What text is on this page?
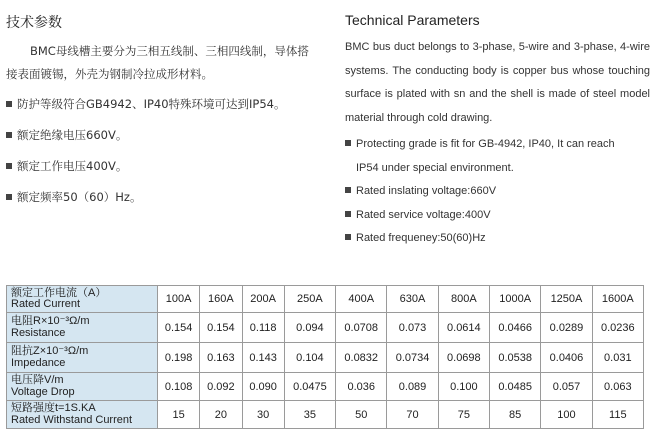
技术参数
BMC母线槽主要分为三相五线制、三相四线制，导体搭接表面镀锡，外壳为钢制冷拉成形材料。
防护等级符合GB4942、IP40特殊环境可达到IP54。
额定绝缘电压660V。
额定工作电压400V。
额定频率50（60）Hz。
Technical Parameters
BMC bus duct belongs to 3-phase, 5-wire and 3-phase, 4-wire systems. The conducting body is copper bus whose touching surface is plated with sn and the shell is made of steel model material through cold drawing.
Protecting grade is fit for GB-4942, IP40, It can reach
IP54 under special environment.
Rated inslating voltage:660V
Rated service voltage:400V
Rated frequeney:50(60)Hz
额定工作电流（A）
Rated Current	100A	160A	200A	250A	400A	630A	800A	1000A	1250A	1600A

电阻R×10⁻³Ω/m
Resistance	0.154	0.154	0.118	0.094	0.0708	0.073	0.0614	0.0466	0.0289	0.0236

阻抗Z×10⁻³Ω/m
Impedance	0.198	0.163	0.143	0.104	0.0832	0.0734	0.0698	0.0538	0.0406	0.031

电压降V/m
Voltage Drop	0.108	0.092	0.090	0.0475	0.036	0.089	0.100	0.0485	0.057	0.063

短路强度t=1S.KA
Rated Withstand Current	15	20	30	35	50	70	75	85	100	115
